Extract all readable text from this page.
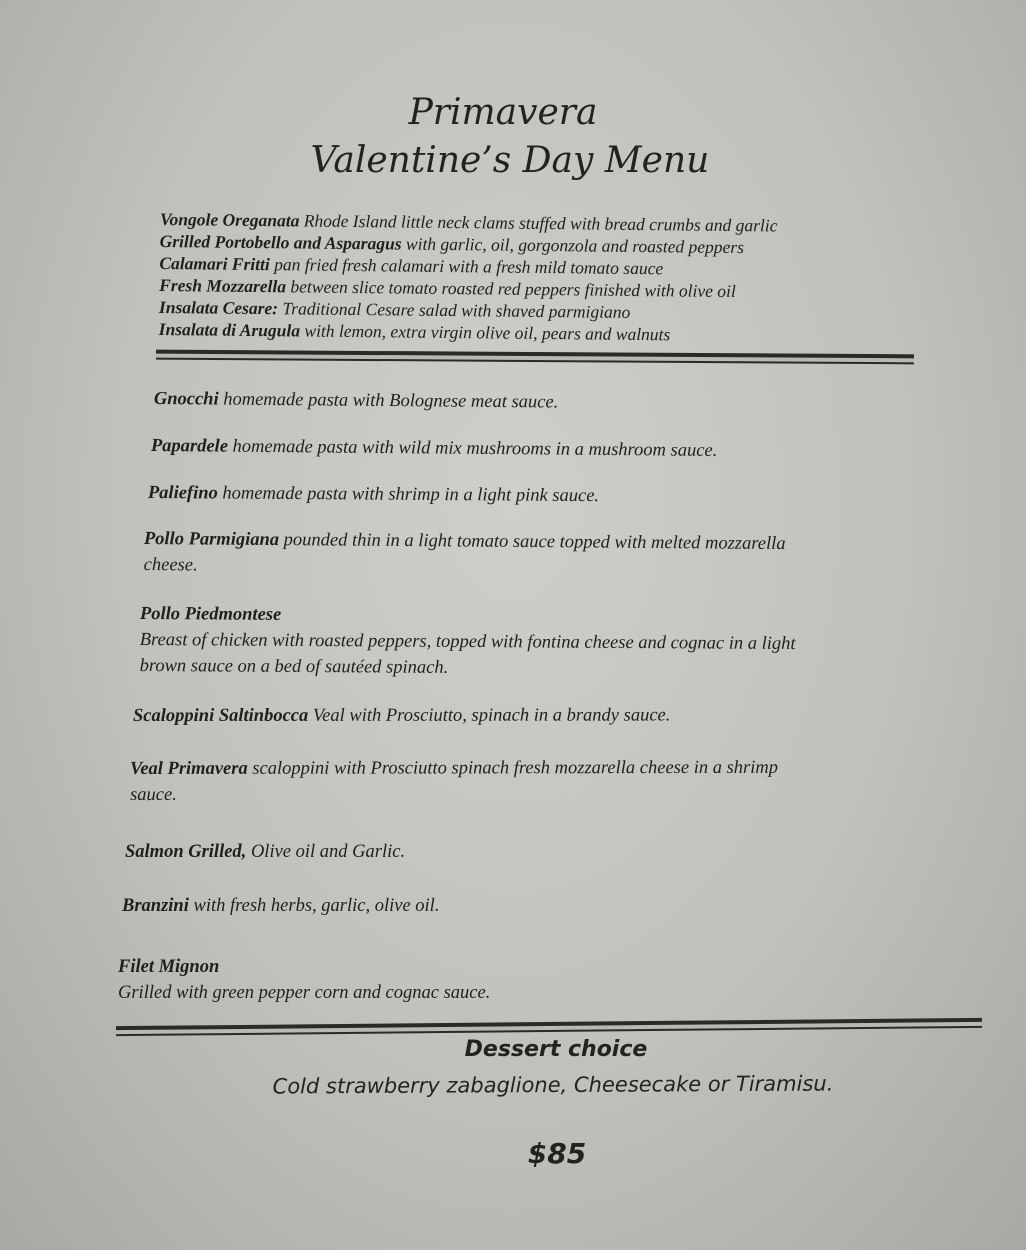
Primavera
Valentine’s Day Menu
Vongole Oreganata Rhode Island little neck clams stuffed with bread crumbs and garlic
Grilled Portobello and Asparagus with garlic, oil, gorgonzola and roasted peppers
Calamari Fritti pan fried fresh calamari with a fresh mild tomato sauce
Fresh Mozzarella between slice tomato roasted red peppers finished with olive oil
Insalata Cesare: Traditional Cesare salad with shaved parmigiano
Insalata di Arugula with lemon, extra virgin olive oil, pears and walnuts
Gnocchi homemade pasta with Bolognese meat sauce.
Papardele homemade pasta with wild mix mushrooms in a mushroom sauce.
Paliefino homemade pasta with shrimp in a light pink sauce.
Pollo Parmigiana pounded thin in a light tomato sauce topped with melted mozzarella
cheese.
Pollo Piedmontese
Breast of chicken with roasted peppers, topped with fontina cheese and cognac in a light
brown sauce on a bed of sautéed spinach.
Scaloppini Saltinbocca Veal with Prosciutto, spinach in a brandy sauce.
Veal Primavera scaloppini with Prosciutto spinach fresh mozzarella cheese in a shrimp
sauce.
Salmon Grilled, Olive oil and Garlic.
Branzini with fresh herbs, garlic, olive oil.
Filet Mignon
Grilled with green pepper corn and cognac sauce.

Dessert choice

Cold strawberry zabaglione, Cheesecake or Tiramisu.

$85
